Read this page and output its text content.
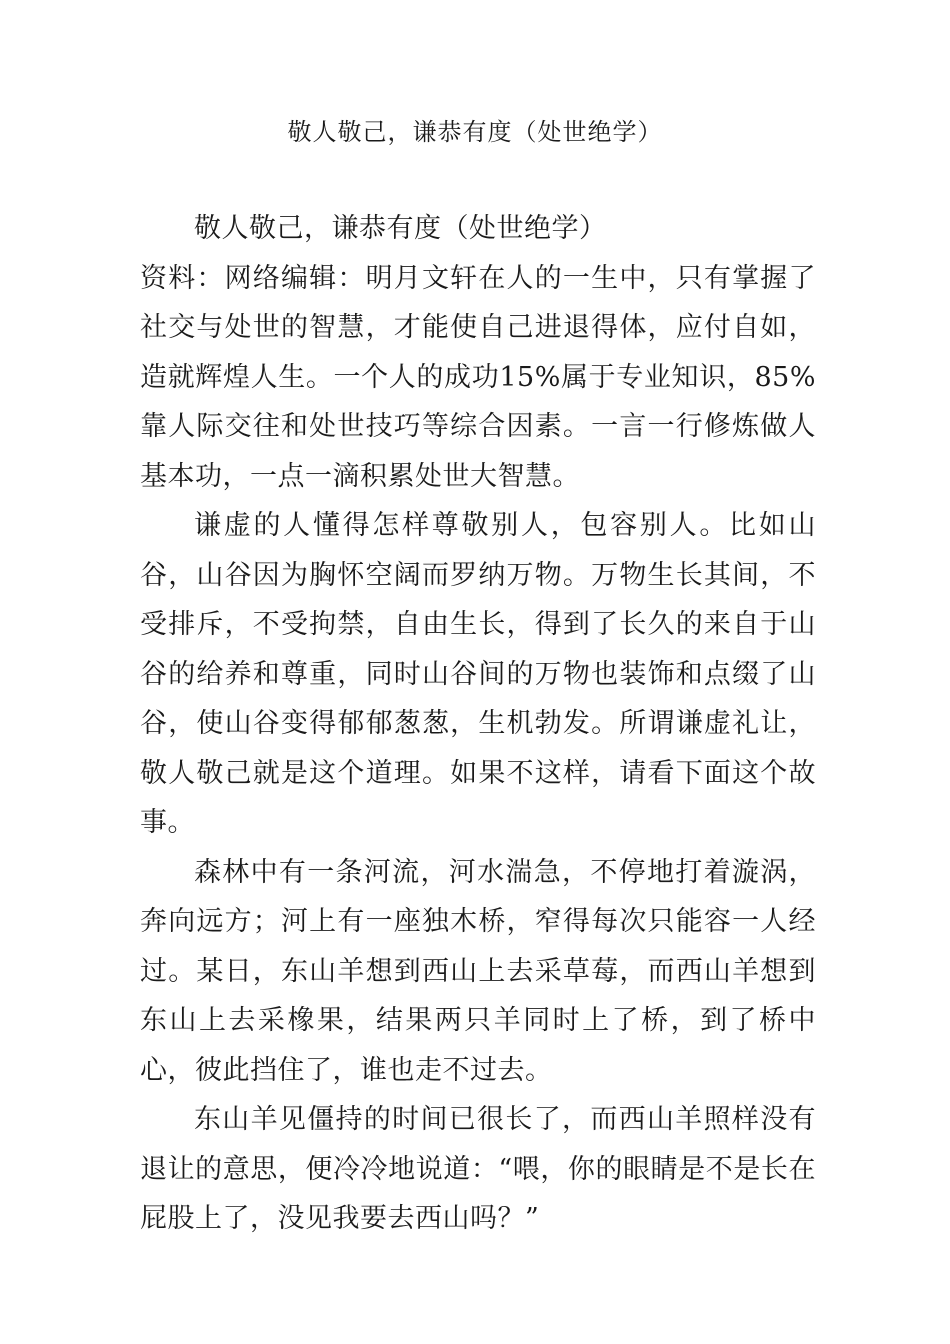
敬人敬己，谦恭有度（处世绝学）

敬人敬己，谦恭有度（处世绝学）

资料：网络编辑：明月文轩在人的一生中，只有掌握了社交与处世的智慧，才能使自己进退得体，应付自如，造就辉煌人生。一个人的成功15%属于专业知识，85%靠人际交往和处世技巧等综合因素。一言一行修炼做人基本功，一点一滴积累处世大智慧。

谦虚的人懂得怎样尊敬别人，包容别人。比如山谷，山谷因为胸怀空阔而罗纳万物。万物生长其间，不受排斥，不受拘禁，自由生长，得到了长久的来自于山谷的给养和尊重，同时山谷间的万物也装饰和点缀了山谷，使山谷变得郁郁葱葱，生机勃发。所谓谦虚礼让，敬人敬己就是这个道理。如果不这样，请看下面这个故事。

森林中有一条河流，河水湍急，不停地打着漩涡，奔向远方；河上有一座独木桥，窄得每次只能容一人经过。某日，东山羊想到西山上去采草莓，而西山羊想到东山上去采橡果，结果两只羊同时上了桥，到了桥中心，彼此挡住了，谁也走不过去。

东山羊见僵持的时间已很长了，而西山羊照样没有退让的意思，便冷冷地说道：“喂，你的眼睛是不是长在屁股上了，没见我要去西山吗？”
